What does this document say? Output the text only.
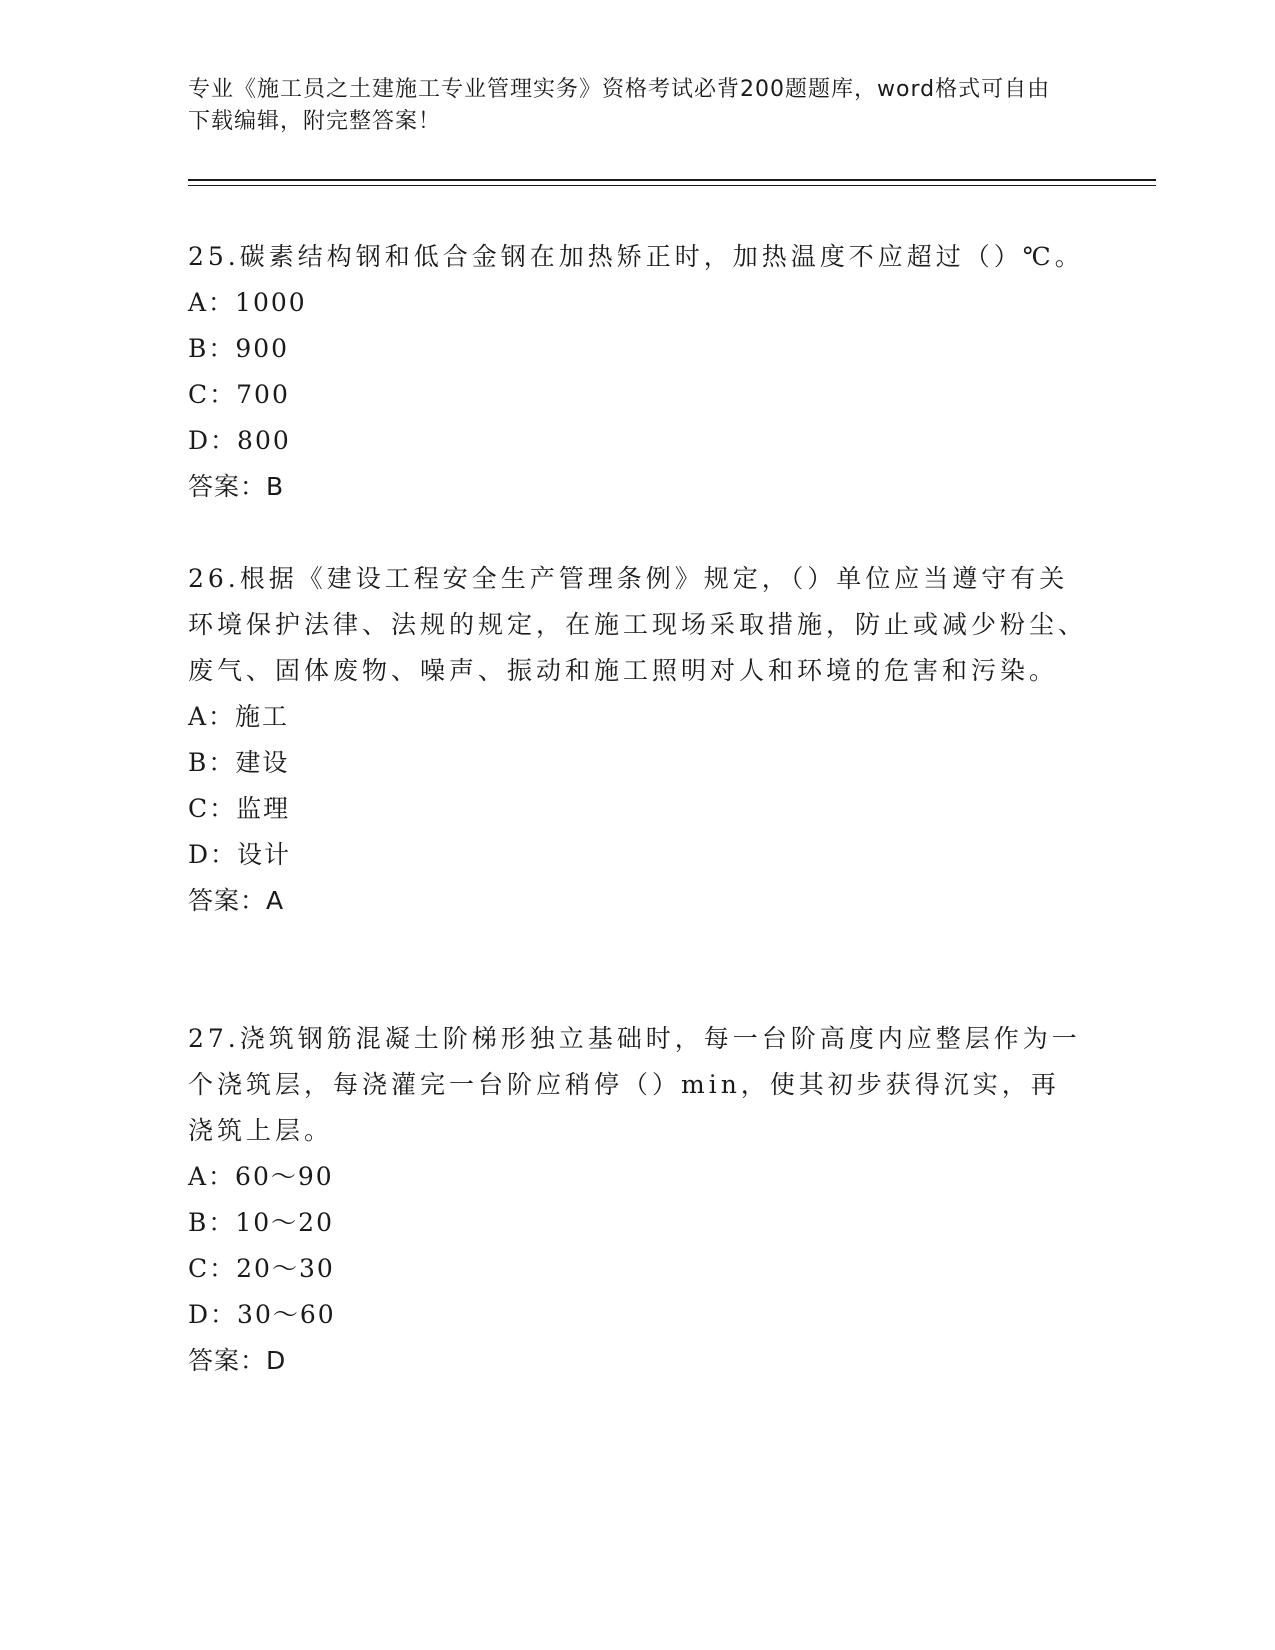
专业《施工员之土建施工专业管理实务》资格考试必背200题题库，word格式可自由下载编辑，附完整答案！
25.碳素结构钢和低合金钢在加热矫正时，加热温度不应超过（）℃。
A：1000
B：900
C：700
D：800
答案：B
26.根据《建设工程安全生产管理条例》规定，（）单位应当遵守有关环境保护法律、法规的规定，在施工现场采取措施，防止或减少粉尘、废气、固体废物、噪声、振动和施工照明对人和环境的危害和污染。
A：施工
B：建设
C：监理
D：设计
答案：A
27.浇筑钢筋混凝土阶梯形独立基础时，每一台阶高度内应整层作为一个浇筑层，每浇灌完一台阶应稍停（）min，使其初步获得沉实，再浇筑上层。
A：60～90
B：10～20
C：20～30
D：30～60
答案：D
